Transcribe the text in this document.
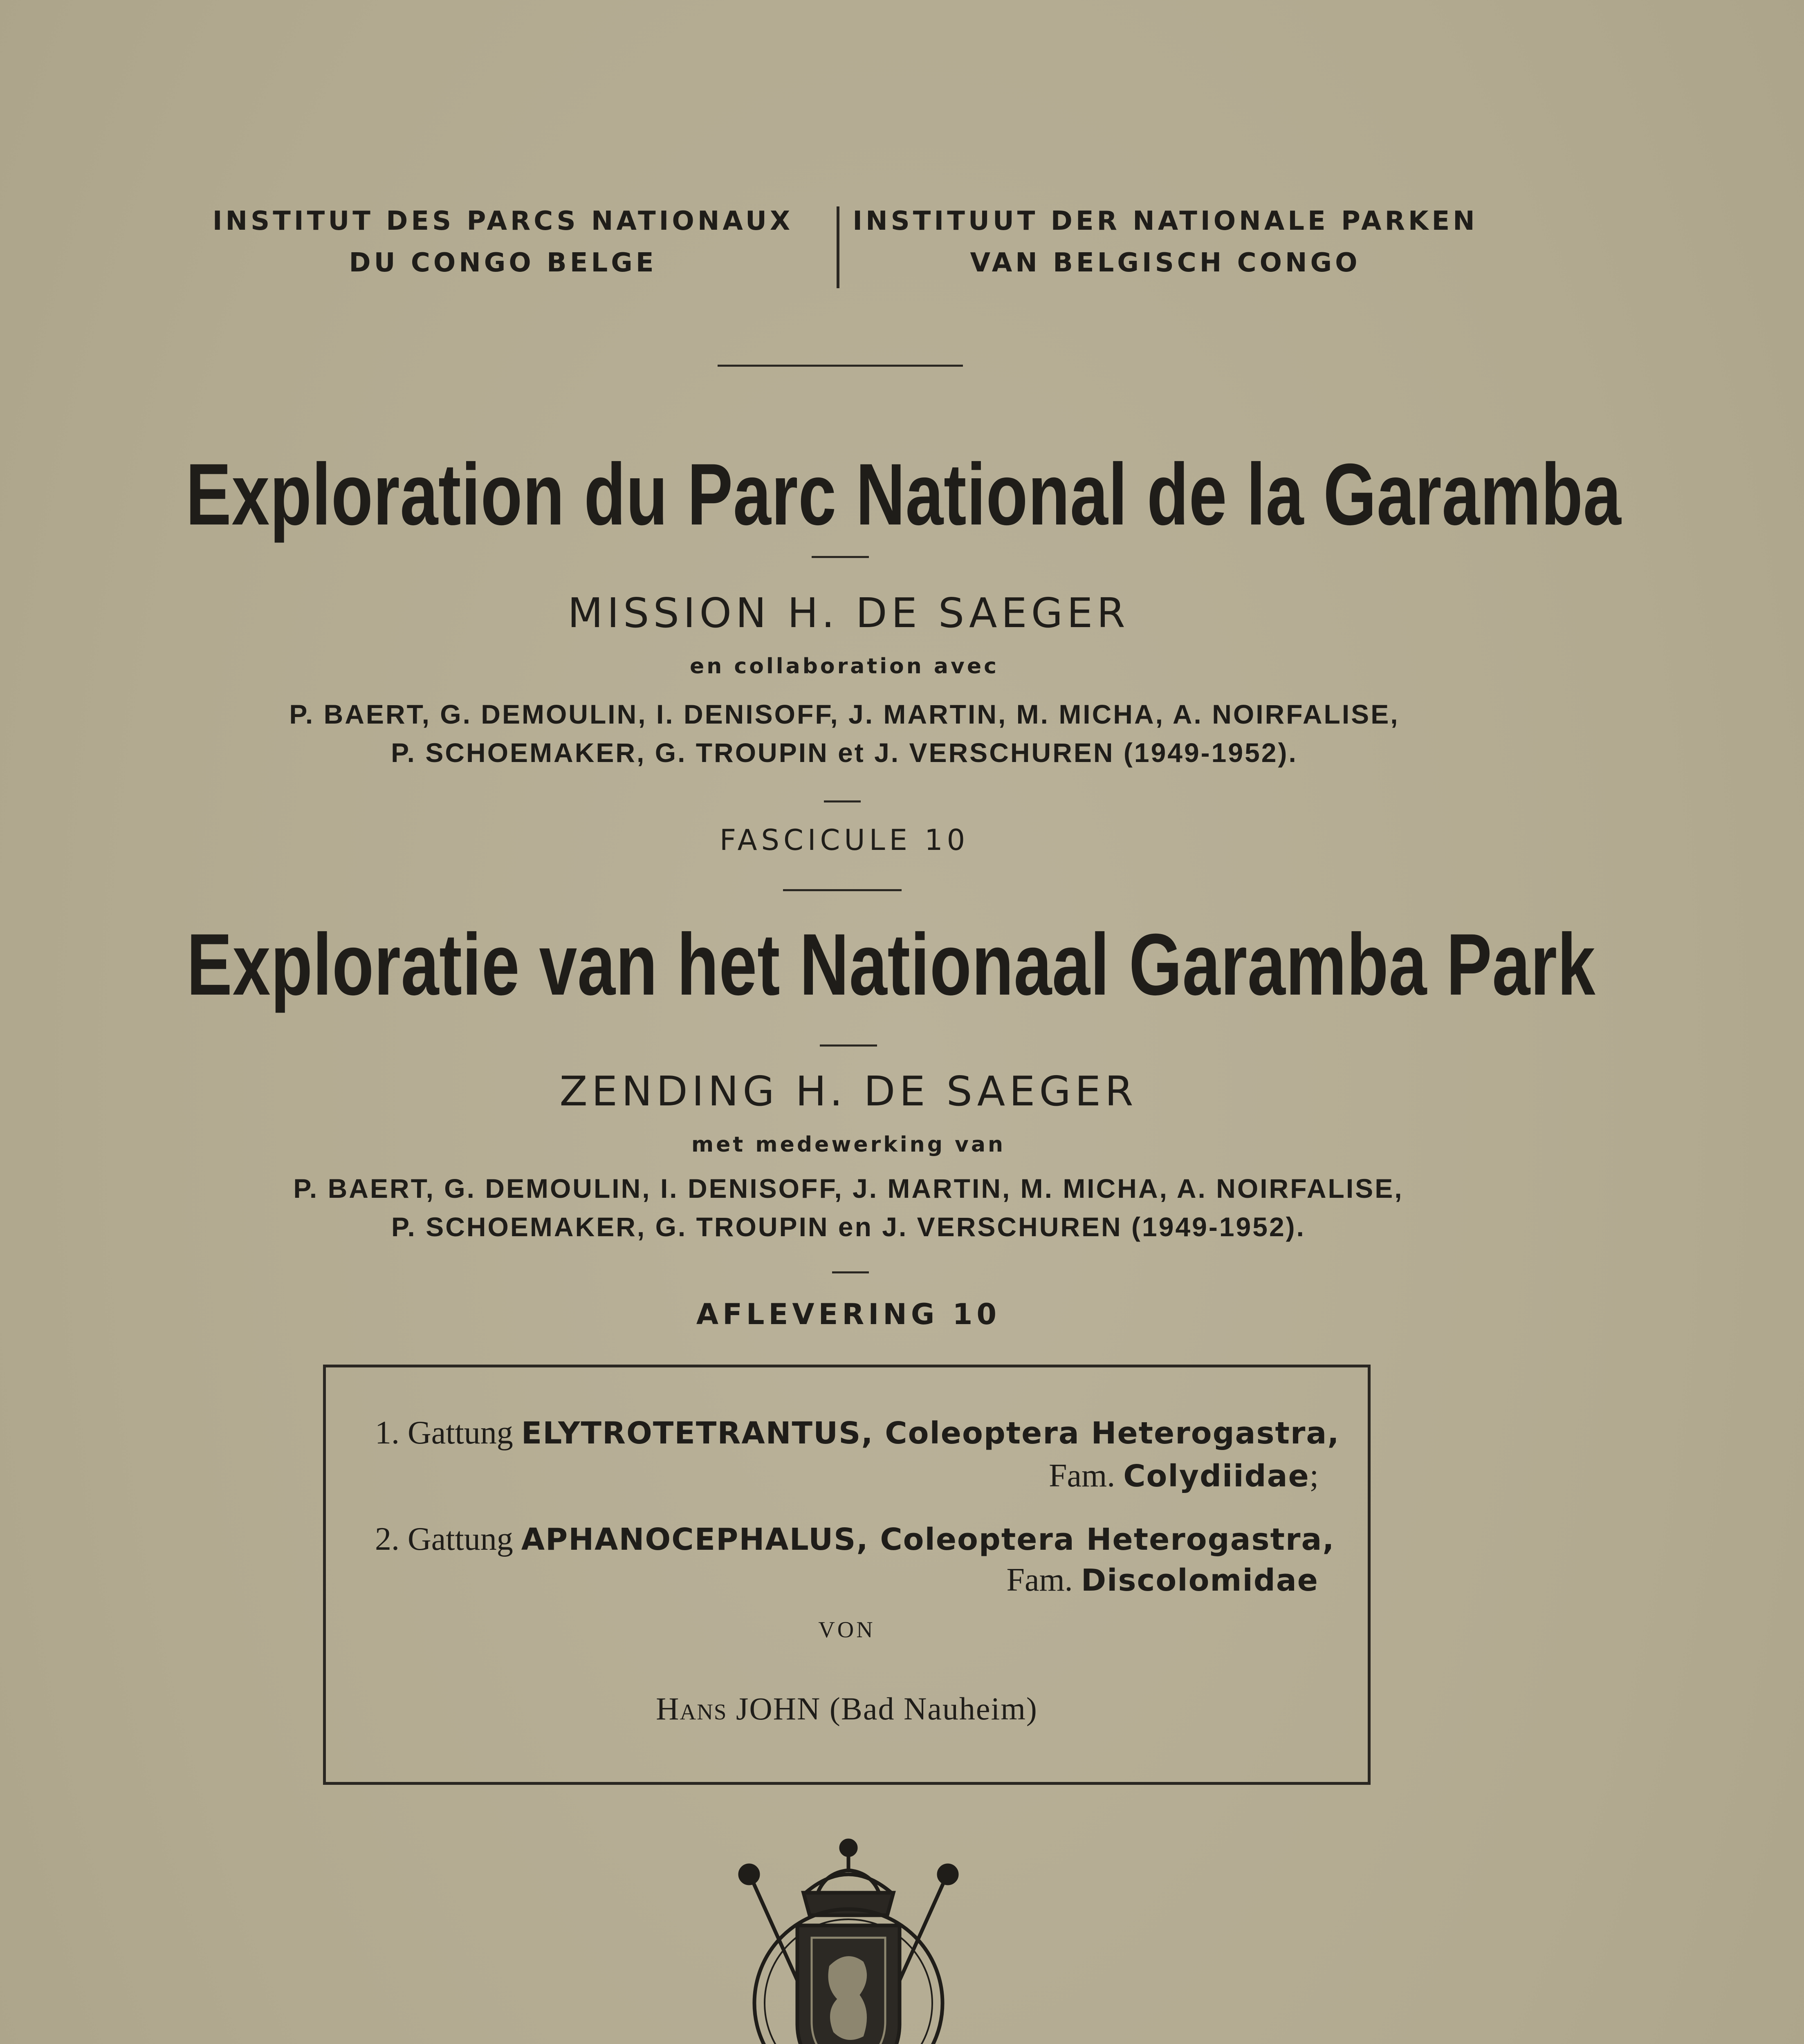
INSTITUT DES PARCS NATIONAUX
DU CONGO BELGE
INSTITUUT DER NATIONALE PARKEN
VAN BELGISCH CONGO
Exploration du Parc National de la Garamba
MISSION H. DE SAEGER
en collaboration avec
P. BAERT, G. DEMOULIN, I. DENISOFF, J. MARTIN, M. MICHA, A. NOIRFALISE,
P. SCHOEMAKER, G. TROUPIN et J. VERSCHUREN (1949-1952).
FASCICULE 10
Exploratie van het Nationaal Garamba Park
ZENDING H. DE SAEGER
met medewerking van
P. BAERT, G. DEMOULIN, I. DENISOFF, J. MARTIN, M. MICHA, A. NOIRFALISE,
P. SCHOEMAKER, G. TROUPIN en J. VERSCHUREN (1949-1952).
AFLEVERING 10
1. Gattung ELYTROTETRANTUS, Coleoptera Heterogastra,
Fam. Colydiidae;
2. Gattung APHANOCEPHALUS, Coleoptera Heterogastra,
Fam. Discolomidae
VON
Hans JOHN (Bad Nauheim)
